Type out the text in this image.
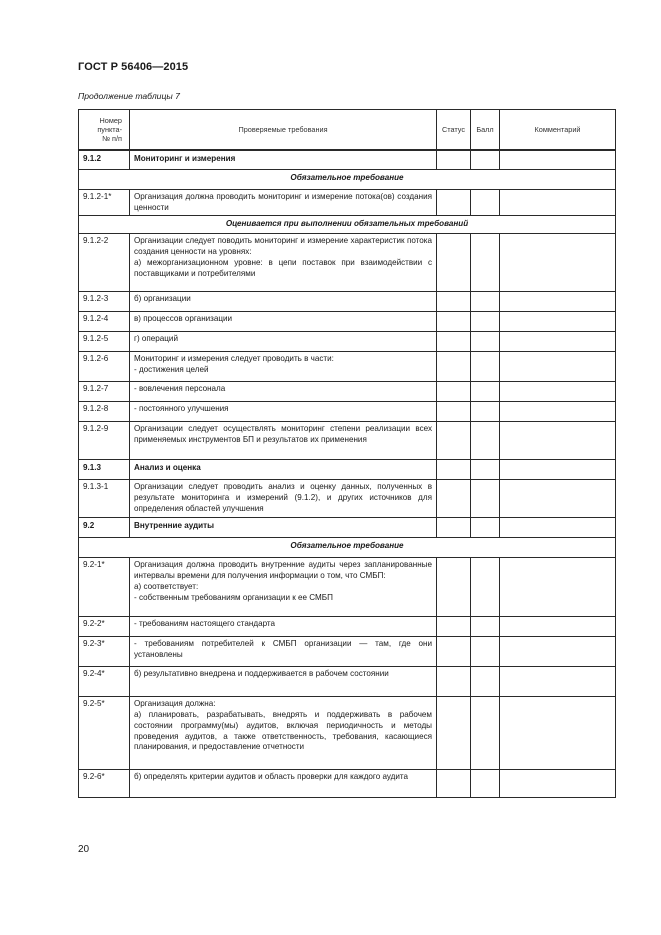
ГОСТ Р 56406—2015
Продолжение таблицы 7
Номер пункта-№ п/п	Проверяемые требования	Статус	Балл	Комментарий
9.1.2	Мониторинг и измерения			
Обязательное требование				
9.1.2-1*	Организация должна проводить мониторинг и измерение потока(ов) создания ценности			
Оценивается при выполнении обязательных требований				
9.1.2-2	Организации следует поводить мониторинг и измерение характеристик потока создания ценности на уровнях:
а) межорганизационном уровне: в цепи поставок при взаимодействии с поставщиками и потребителями			
9.1.2-3	б) организации			
9.1.2-4	в) процессов организации			
9.1.2-5	г) операций			
9.1.2-6	Мониторинг и измерения следует проводить в части:
- достижения целей			
9.1.2-7	- вовлечения персонала			
9.1.2-8	- постоянного улучшения			
9.1.2-9	Организации следует осуществлять мониторинг степени реализации всех применяемых инструментов БП и результатов их применения			
9.1.3	Анализ и оценка			
9.1.3-1	Организации следует проводить анализ и оценку данных, полученных в результате мониторинга и измерений (9.1.2), и других источников для определения областей улучшения			
9.2	Внутренние аудиты			
Обязательное требование				
9.2-1*	Организация должна проводить внутренние аудиты через запланированные интервалы времени для получения информации о том, что СМБП:
а) соответствует:
- собственным требованиям организации к ее СМБП			
9.2-2*	- требованиям настоящего стандарта			
9.2-3*	- требованиям потребителей к СМБП организации — там, где они установлены			
9.2-4*	б) результативно внедрена и поддерживается в рабочем состоянии			
9.2-5*	Организация должна:
а) планировать, разрабатывать, внедрять и поддерживать в рабочем состоянии программу(мы) аудитов, включая периодичность и методы проведения аудитов, а также ответственность, требования, касающиеся планирования, и предоставление отчетности			
9.2-6*	б) определять критерии аудитов и область проверки для каждого аудита			
20
